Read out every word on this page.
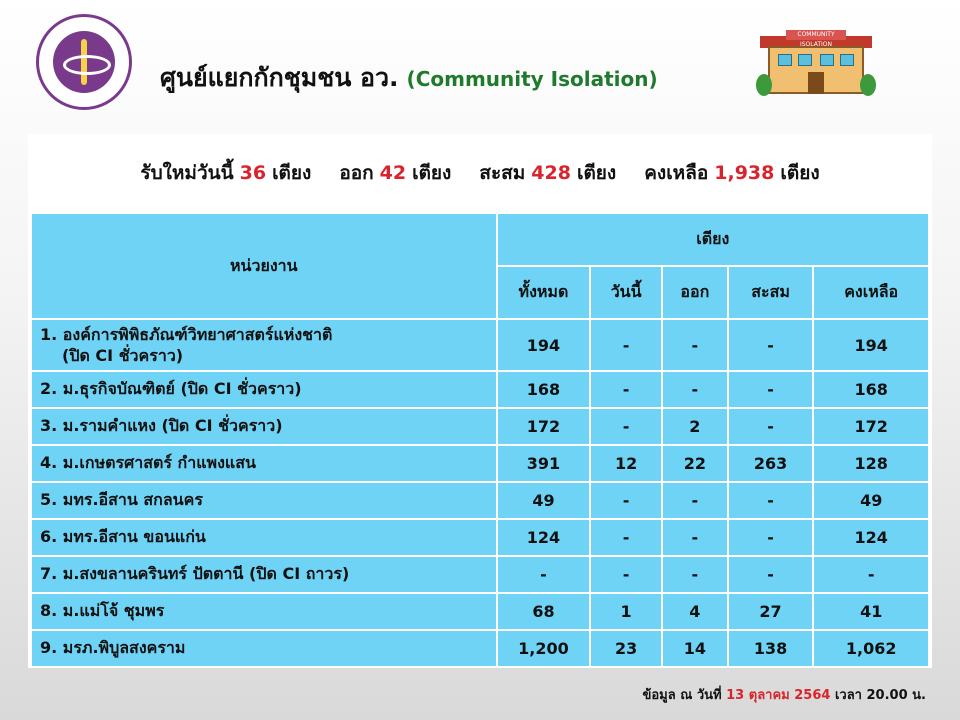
ศูนย์แยกกักชุมชน อว. (Community Isolation)
COMMUNITY ISOLATION
รับใหม่วันนี้ 36 เตียง ออก 42 เตียง สะสม 428 เตียง คงเหลือ 1,938 เตียง
หน่วยงาน	เตียง				
	ทั้งหมด	วันนี้	ออก	สะสม	คงเหลือ
1. องค์การพิพิธภัณฑ์วิทยาศาสตร์แห่งชาติ
(ปิด CI ชั่วคราว)	194	-	-	-	194
2. ม.ธุรกิจบัณฑิตย์ (ปิด CI ชั่วคราว)	168	-	-	-	168
3. ม.รามคำแหง (ปิด CI ชั่วคราว)	172	-	2	-	172
4. ม.เกษตรศาสตร์ กำแพงแสน	391	12	22	263	128
5. มทร.อีสาน สกลนคร	49	-	-	-	49
6. มทร.อีสาน ขอนแก่น	124	-	-	-	124
7. ม.สงขลานครินทร์ ปัตตานี (ปิด CI ถาวร)	-	-	-	-	-
8. ม.แม่โจ้ ชุมพร	68	1	4	27	41
9. มรภ.พิบูลสงคราม	1,200	23	14	138	1,062
ข้อมูล ณ วันที่ 13 ตุลาคม 2564 เวลา 20.00 น.
